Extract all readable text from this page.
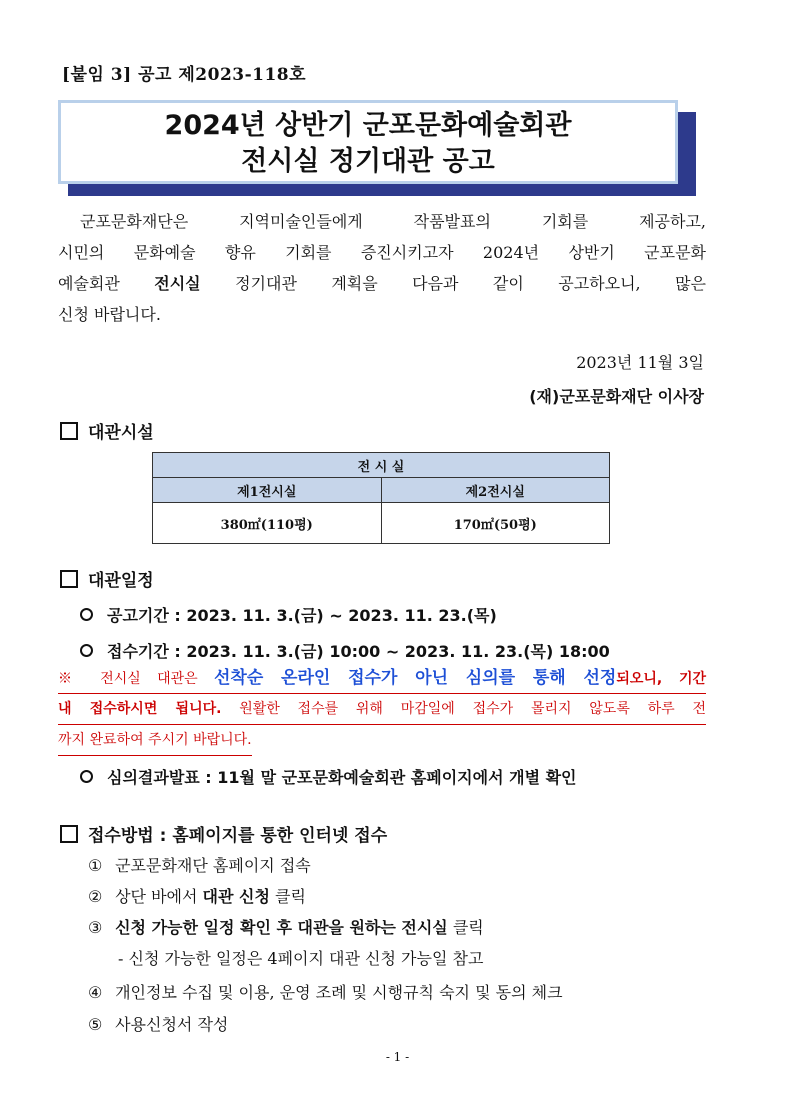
[붙임 3] 공고 제2023-118호
2024년 상반기 군포문화예술회관
전시실 정기대관 공고
군포문화재단은 지역미술인들에게 작품발표의 기회를 제공하고,
시민의 문화예술 향유 기회를 증진시키고자 2024년 상반기 군포문화
예술회관 전시실 정기대관 계획을 다음과 같이 공고하오니, 많은
신청 바랍니다.
2023년 11월 3일
(재)군포문화재단 이사장
대관시설
전 시 실	
제1전시실	제2전시실
380㎡(110평)	170㎡(50평)
대관일정
공고기간 : 2023. 11. 3.(금) ~ 2023. 11. 23.(목)
접수기간 : 2023. 11. 3.(금) 10:00 ~ 2023. 11. 23.(목) 18:00
※ 전시실 대관은 선착순 온라인 접수가 아닌 심의를 통해 선정되오니, 기간
내 접수하시면 됩니다. 원활한 접수를 위해 마감일에 접수가 몰리지 않도록 하루 전
까지 완료하여 주시기 바랍니다.
심의결과발표 : 11월 말 군포문화예술회관 홈페이지에서 개별 확인
접수방법 : 홈페이지를 통한 인터넷 접수
① 군포문화재단 홈페이지 접속
② 상단 바에서 대관 신청 클릭
③ 신청 가능한 일정 확인 후 대관을 원하는 전시실 클릭
- 신청 가능한 일정은 4페이지 대관 신청 가능일 참고
④ 개인정보 수집 및 이용, 운영 조례 및 시행규칙 숙지 및 동의 체크
⑤ 사용신청서 작성
- 1 -
